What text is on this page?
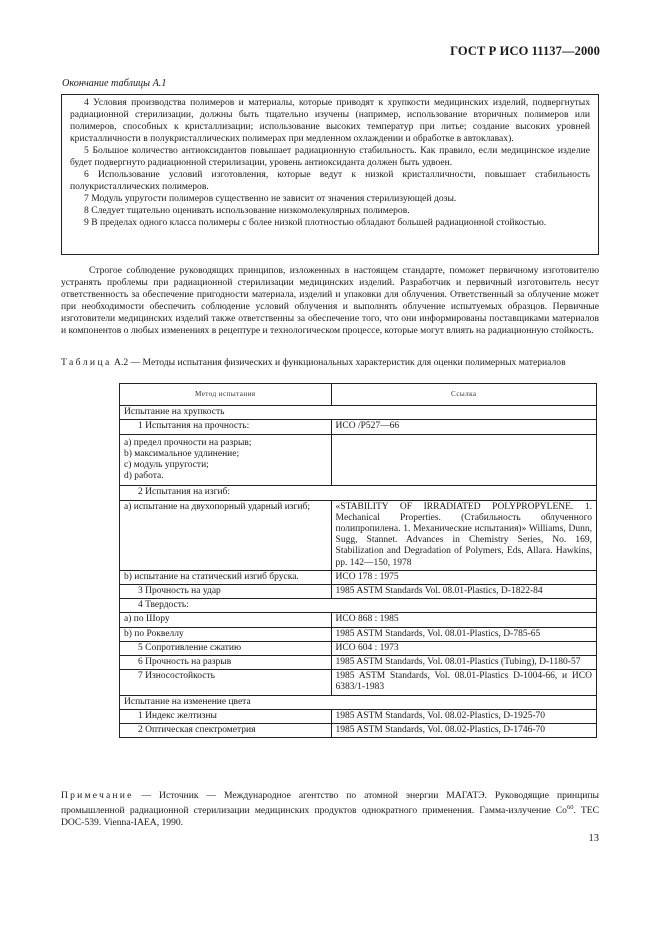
ГОСТ Р ИСО 11137—2000
Окончание таблицы А.1

4 Условия производства полимеров и материалы, которые приводят к хрупкости медицинских изделий, подвергнутых радиационной стерилизации, должны быть тщательно изучены (например, использование вторичных полимеров или полимеров, способных к кристаллизации; использование высоких температур при литье; создание высоких уровней кристалличности в полукристаллических полимерах при медленном охлаждении и обработке в автоклавах).

5 Большое количество антиоксидантов повышает радиационную стабильность. Как правило, если медицинское изделие будет подвергнуто радиационной стерилизации, уровень антиоксиданта должен быть удвоен.

6 Использование условий изготовления, которые ведут к низкой кристалличности, повышает стабильность полукристаллических полимеров.

7 Модуль упругости полимеров существенно не зависит от значения стерилизующей дозы.

8 Следует тщательно оценивать использование низкомолекулярных полимеров.

9 В пределах одного класса полимеры с более низкой плотностью обладают большей радиационной стойкостью.

Строгое соблюдение руководящих принципов, изложенных в настоящем стандарте, поможет первичному изготовителю устранять проблемы при радиационной стерилизации медицинских изделий. Разработчик и первичный изготовитель несут ответственность за обеспечение пригодности материала, изделий и упаковки для облучения. Ответственный за облучение может при необходимости обеспечить соблюдение условий облучения и выполнять облучение испытуемых образцов. Первичные изготовители медицинских изделий также ответственны за обеспечение того, что они информированы поставщиками материалов и компонентов о любых изменениях в рецептуре и технологическом процессе, которые могут влиять на радиационную стойкость.

Таблица А.2 — Методы испытания физических и функциональных характеристик для оценки полимерных материалов
Метод испытания	Ссылка
Испытание на хрупкость	
1 Испытания на прочность:	ИСО /Р527—66

а) предел прочности на разрыв;
b) максимальное удлинение;
с) модуль упругости;
d) работа.	

2 Испытания на изгиб:	
а) испытание на двухопорный ударный изгиб;	«STABILITY OF IRRADIATED POLYPROPYLENE. 1. Mechanical Properties. (Стабильность облученного полипропилена. 1. Механические испытания)» Williams, Dunn, Sugg, Stannet. Advances in Chemistry Series, No. 169, Stabilization and Degradation of Polymers, Eds, Allara. Hawkins, pp. 142—150, 1978
b) испытание на статический изгиб бруска.	ИСО 178 : 1975
3 Прочность на удар	1985 ASTM Standards Vol. 08.01-Plastics, D-1822-84
4 Твердость:	
а) по Шору	ИСО 868 : 1985
b) по Роквеллу	1985 ASTM Standards, Vol. 08.01-Plastics, D-785-65
5 Сопротивление сжатию	ИСО 604 : 1973
6 Прочность на разрыв	1985 ASTM Standards, Vol. 08.01-Plastics (Tubing), D-1180-57
7 Износостойкость	1985 ASTM Standards, Vol. 08.01-Plastics D-1004-66, и ИСО 6383/1-1983
Испытание на изменение цвета	
1 Индекс желтизны	1985 ASTM Standards, Vol. 08.02-Plastics, D-1925-70
2 Оптическая спектрометрия	1985 ASTM Standards, Vol. 08.02-Plastics, D-1746-70

Примечание — Источник — Международное агентство по атомной энергии МАГАТЭ. Руководящие принципы промышленной радиационной стерилизации медицинских продуктов однократного применения. Гамма-излучение Co$^{60}$. TEC DOC-539. Vienna-IAEA, 1990.

13
